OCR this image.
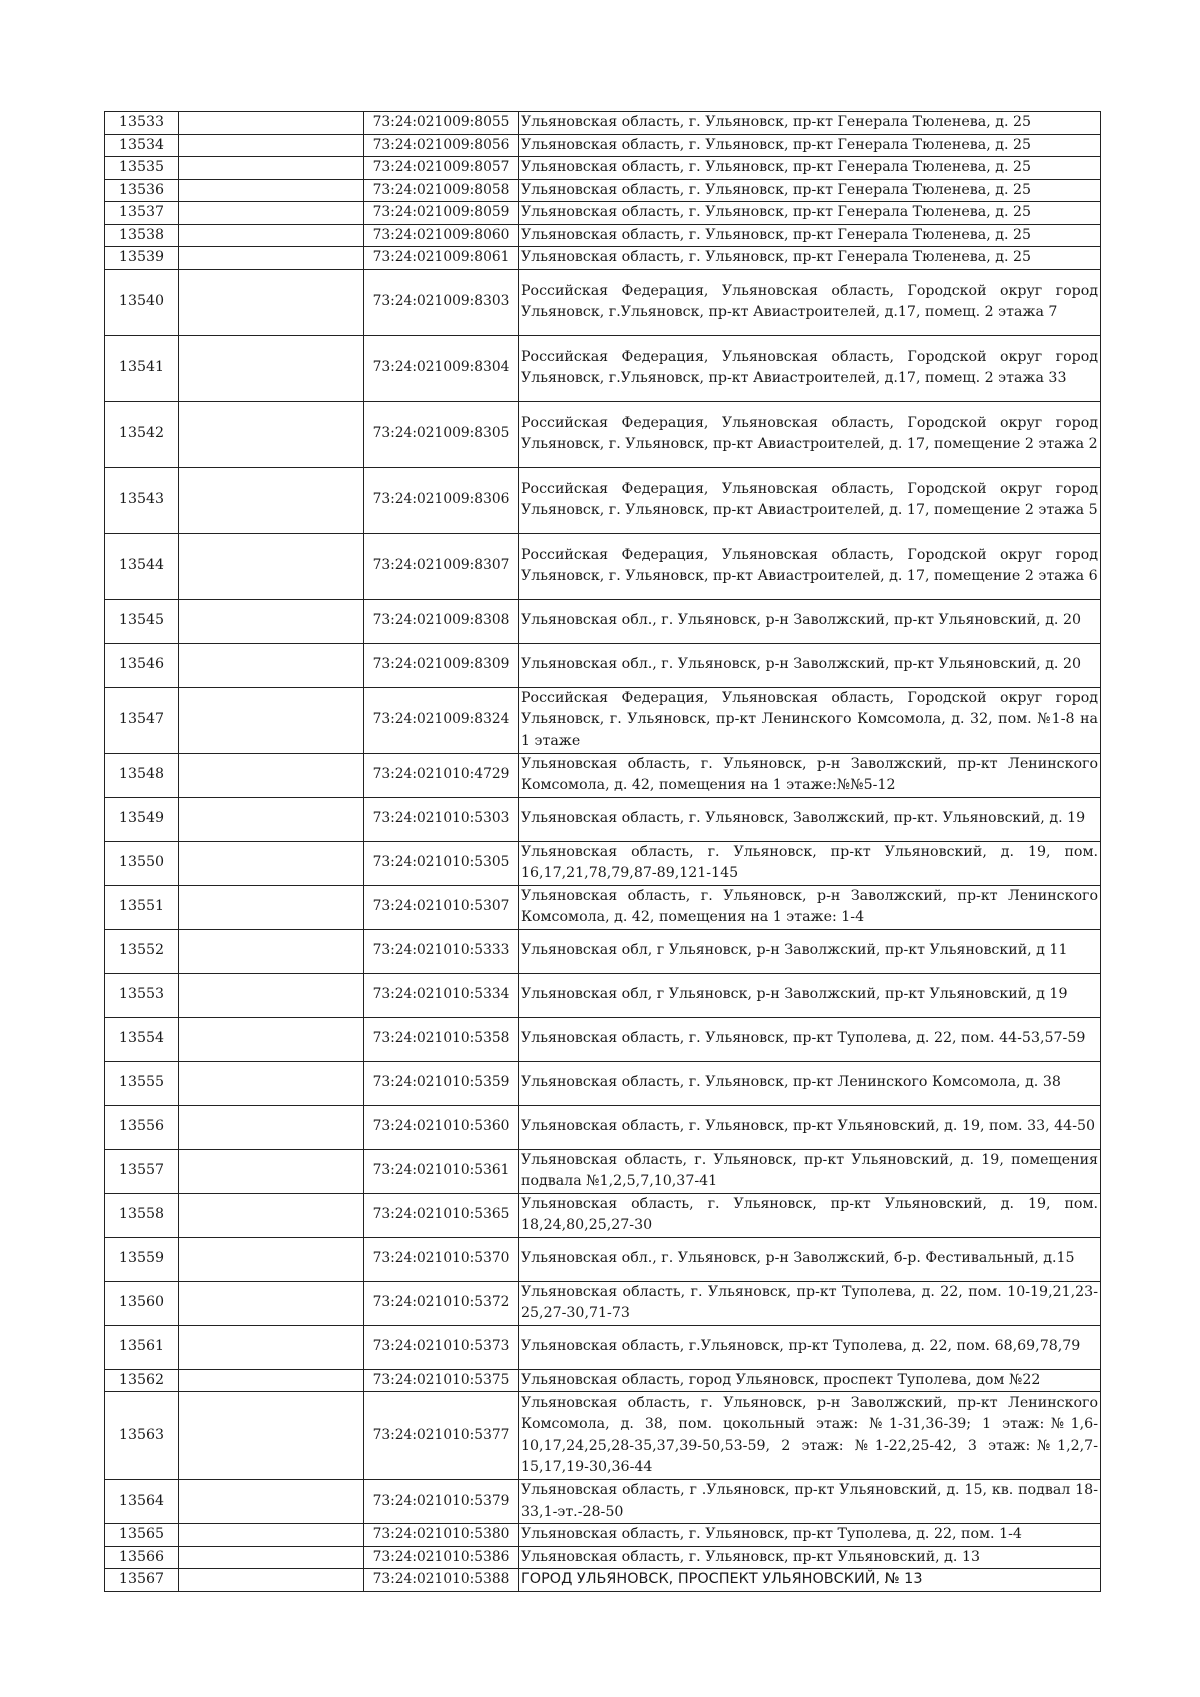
13533		73:24:021009:8055	Ульяновская область, г. Ульяновск, пр-кт Генерала Тюленева, д. 25
13534		73:24:021009:8056	Ульяновская область, г. Ульяновск, пр-кт Генерала Тюленева, д. 25
13535		73:24:021009:8057	Ульяновская область, г. Ульяновск, пр-кт Генерала Тюленева, д. 25
13536		73:24:021009:8058	Ульяновская область, г. Ульяновск, пр-кт Генерала Тюленева, д. 25
13537		73:24:021009:8059	Ульяновская область, г. Ульяновск, пр-кт Генерала Тюленева, д. 25
13538		73:24:021009:8060	Ульяновская область, г. Ульяновск, пр-кт Генерала Тюленева, д. 25
13539		73:24:021009:8061	Ульяновская область, г. Ульяновск, пр-кт Генерала Тюленева, д. 25
13540		73:24:021009:8303	Российская Федерация, Ульяновская область, Городской округ город Ульяновск, г.Ульяновск, пр-кт Авиастроителей, д.17, помещ. 2 этажа 7
13541		73:24:021009:8304	Российская Федерация, Ульяновская область, Городской округ город Ульяновск, г.Ульяновск, пр-кт Авиастроителей, д.17, помещ. 2 этажа 33
13542		73:24:021009:8305	Российская Федерация, Ульяновская область, Городской округ город Ульяновск, г. Ульяновск, пр-кт Авиастроителей, д. 17, помещение 2 этажа 2
13543		73:24:021009:8306	Российская Федерация, Ульяновская область, Городской округ город Ульяновск, г. Ульяновск, пр-кт Авиастроителей, д. 17, помещение 2 этажа 5
13544		73:24:021009:8307	Российская Федерация, Ульяновская область, Городской округ город Ульяновск, г. Ульяновск, пр-кт Авиастроителей, д. 17, помещение 2 этажа 6
13545		73:24:021009:8308	Ульяновская обл., г. Ульяновск, р-н Заволжский, пр-кт Ульяновский, д. 20
13546		73:24:021009:8309	Ульяновская обл., г. Ульяновск, р-н Заволжский, пр-кт Ульяновский, д. 20
13547		73:24:021009:8324	Российская Федерация, Ульяновская область, Городской округ город Ульяновск, г. Ульяновск, пр-кт Ленинского Комсомола, д. 32, пом. №1-8 на 1 этаже
13548		73:24:021010:4729	Ульяновская область, г. Ульяновск, р-н Заволжский, пр-кт Ленинского Комсомола, д. 42, помещения на 1 этаже:№№5-12
13549		73:24:021010:5303	Ульяновская область, г. Ульяновск, Заволжский, пр-кт. Ульяновский, д. 19
13550		73:24:021010:5305	Ульяновская область, г. Ульяновск, пр-кт Ульяновский, д. 19, пом. 16,17,21,78,79,87-89,121-145
13551		73:24:021010:5307	Ульяновская область, г. Ульяновск, р-н Заволжский, пр-кт Ленинского Комсомола, д. 42, помещения на 1 этаже: 1-4
13552		73:24:021010:5333	Ульяновская обл, г Ульяновск, р-н Заволжский, пр-кт Ульяновский, д 11
13553		73:24:021010:5334	Ульяновская обл, г Ульяновск, р-н Заволжский, пр-кт Ульяновский, д 19
13554		73:24:021010:5358	Ульяновская область, г. Ульяновск, пр-кт Туполева, д. 22, пом. 44-53,57-59
13555		73:24:021010:5359	Ульяновская область, г. Ульяновск, пр-кт Ленинского Комсомола, д. 38
13556		73:24:021010:5360	Ульяновская область, г. Ульяновск, пр-кт Ульяновский, д. 19, пом. 33, 44-50
13557		73:24:021010:5361	Ульяновская область, г. Ульяновск, пр-кт Ульяновский, д. 19, помещения подвала №1,2,5,7,10,37-41
13558		73:24:021010:5365	Ульяновская область, г. Ульяновск, пр-кт Ульяновский, д. 19, пом. 18,24,80,25,27-30
13559		73:24:021010:5370	Ульяновская обл., г. Ульяновск, р-н Заволжский, б-р. Фестивальный, д.15
13560		73:24:021010:5372	Ульяновская область, г. Ульяновск, пр-кт Туполева, д. 22, пом. 10-19,21,23-25,27-30,71-73
13561		73:24:021010:5373	Ульяновская область, г.Ульяновск, пр-кт Туполева, д. 22, пом. 68,69,78,79
13562		73:24:021010:5375	Ульяновская область, город Ульяновск, проспект Туполева, дом №22
13563		73:24:021010:5377	Ульяновская область, г. Ульяновск, р-н Заволжский, пр-кт Ленинского Комсомола, д. 38, пом. цокольный этаж: №1-31,36-39; 1 этаж:№1,6-10,17,24,25,28-35,37,39-50,53-59, 2 этаж: №1-22,25-42, 3 этаж:№1,2,7-15,17,19-30,36-44
13564		73:24:021010:5379	Ульяновская область, г .Ульяновск, пр-кт Ульяновский, д. 15, кв. подвал 18-33,1-эт.-28-50
13565		73:24:021010:5380	Ульяновская область, г. Ульяновск, пр-кт Туполева, д. 22, пом. 1-4
13566		73:24:021010:5386	Ульяновская область, г. Ульяновск, пр-кт Ульяновский, д. 13
13567		73:24:021010:5388	ГОРОД УЛЬЯНОВСК, ПРОСПЕКТ УЛЬЯНОВСКИЙ, № 13
